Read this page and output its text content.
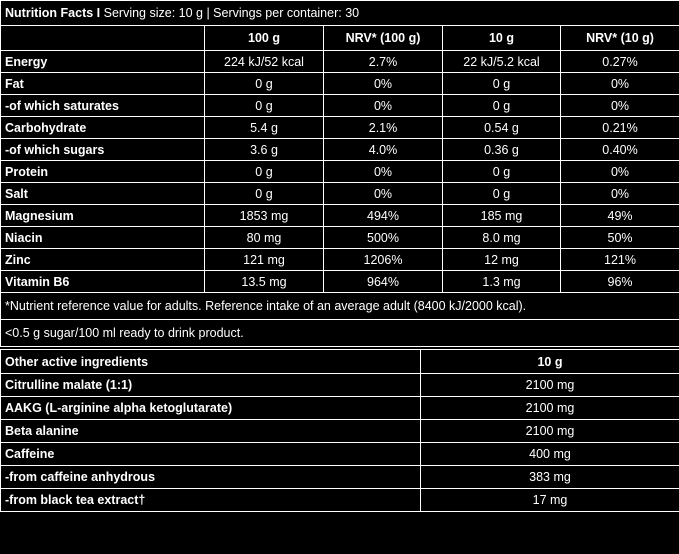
Nutrition Facts I Serving size: 10 g | Servings per container: 30				
	100 g	NRV* (100 g)	10 g	NRV* (10 g)
Energy	224 kJ/52 kcal	2.7%	22 kJ/5.2 kcal	0.27%
Fat	0 g	0%	0 g	0%
-of which saturates	0 g	0%	0 g	0%
Carbohydrate	5.4 g	2.1%	0.54 g	0.21%
-of which sugars	3.6 g	4.0%	0.36 g	0.40%
Protein	0 g	0%	0 g	0%
Salt	0 g	0%	0 g	0%
Magnesium	1853 mg	494%	185 mg	49%
Niacin	80 mg	500%	8.0 mg	50%
Zinc	121 mg	1206%	12 mg	121%
Vitamin B6	13.5 mg	964%	1.3 mg	96%
*Nutrient reference value for adults. Reference intake of an average adult (8400 kJ/2000 kcal).				
<0.5 g sugar/100 ml ready to drink product.				
Other active ingredients	10 g
Citrulline malate (1:1)	2100 mg
AAKG (L-arginine alpha ketoglutarate)	2100 mg
Beta alanine	2100 mg
Caffeine	400 mg
-from caffeine anhydrous	383 mg
-from black tea extract†	17 mg
